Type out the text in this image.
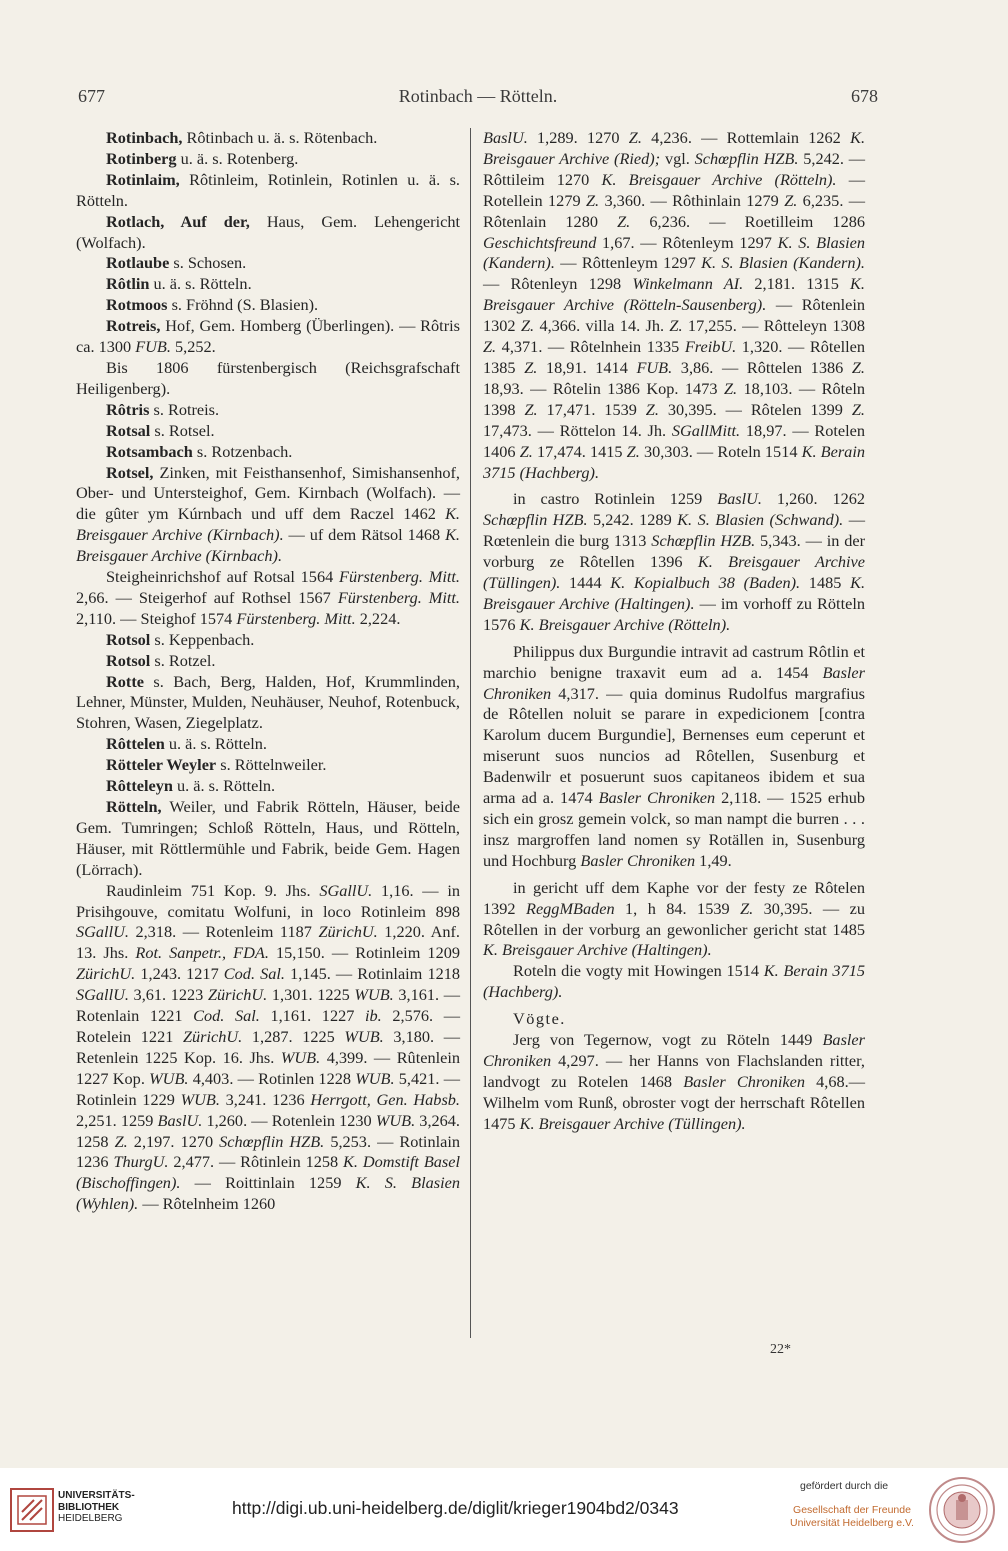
677	Rotinbach — Rötteln.	678

Rotinbach, Rôtinbach u. ä. s. Rötenbach.

Rotinberg u. ä. s. Rotenberg.

Rotinlaim, Rôtinleim, Rotinlein, Rotinlen u. ä. s. Rötteln.

Rotlach, Auf der, Haus, Gem. Lehengericht (Wolfach).

Rotlaube s. Schosen.

Rôtlin u. ä. s. Rötteln.

Rotmoos s. Fröhnd (S. Blasien).

Rotreis, Hof, Gem. Homberg (Überlingen). — Rôtris ca. 1300 FUB. 5,252.

Bis 1806 fürstenbergisch (Reichsgrafschaft Heiligenberg).

Rôtris s. Rotreis.

Rotsal s. Rotsel.

Rotsambach s. Rotzenbach.

Rotsel, Zinken, mit Feisthansenhof, Simishansenhof, Ober- und Untersteighof, Gem. Kirnbach (Wolfach). — die gûter ym Kúrnbach und uff dem Raczel 1462 K. Breisgauer Archive (Kirnbach). — uf dem Rätsol 1468 K. Breisgauer Archive (Kirnbach).

Steigheinrichshof auf Rotsal 1564 Fürstenberg. Mitt. 2,66. — Steigerhof auf Rothsel 1567 Fürstenberg. Mitt. 2,110. — Steighof 1574 Fürstenberg. Mitt. 2,224.

Rotsol s. Keppenbach.

Rotsol s. Rotzel.

Rotte s. Bach, Berg, Halden, Hof, Krummlinden, Lehner, Münster, Mulden, Neuhäuser, Neuhof, Rotenbuck, Stohren, Wasen, Ziegelplatz.

Rôttelen u. ä. s. Rötteln.

Rötteler Weyler s. Röttelnweiler.

Rôtteleyn u. ä. s. Rötteln.

Rötteln, Weiler, und Fabrik Rötteln, Häuser, beide Gem. Tumringen; Schloß Rötteln, Haus, und Rötteln, Häuser, mit Röttlermühle und Fabrik, beide Gem. Hagen (Lörrach).

Raudinleim 751 Kop. 9. Jhs. SGallU. 1,16. — in Prisihgouve, comitatu Wolfuni, in loco Rotinleim 898 SGallU. 2,318. — Rotenleim 1187 ZürichU. 1,220. Anf. 13. Jhs. Rot. Sanpetr., FDA. 15,150. — Rotinleim 1209 ZürichU. 1,243. 1217 Cod. Sal. 1,145. — Rotinlaim 1218 SGallU. 3,61. 1223 ZürichU. 1,301. 1225 WUB. 3,161. — Rotenlain 1221 Cod. Sal. 1,161. 1227 ib. 2,576. — Rotelein 1221 ZürichU. 1,287. 1225 WUB. 3,180. — Retenlein 1225 Kop. 16. Jhs. WUB. 4,399. — Rûtenlein 1227 Kop. WUB. 4,403. — Rotinlen 1228 WUB. 5,421. — Rotinlein 1229 WUB. 3,241. 1236 Herrgott, Gen. Habsb. 2,251. 1259 BaslU. 1,260. — Rotenlein 1230 WUB. 3,264. 1258 Z. 2,197. 1270 Schœpflin HZB. 5,253. — Rotinlain 1236 ThurgU. 2,477. — Rôtinlein 1258 K. Domstift Basel (Bischoffingen). — Roittinlain 1259 K. S. Blasien (Wyhlen). — Rôtelnheim 1260

BaslU. 1,289. 1270 Z. 4,236. — Rottemlain 1262 K. Breisgauer Archive (Ried); vgl. Schœpflin HZB. 5,242. — Rôttileim 1270 K. Breisgauer Archive (Rötteln). — Rotellein 1279 Z. 3,360. — Rôthinlain 1279 Z. 6,235. — Rôtenlain 1280 Z. 6,236. — Roetilleim 1286 Geschichtsfreund 1,67. — Rôtenleym 1297 K. S. Blasien (Kandern). — Rôttenleym 1297 K. S. Blasien (Kandern). — Rôtenleyn 1298 Winkelmann AI. 2,181. 1315 K. Breisgauer Archive (Rötteln-Sausenberg). — Rôtenlein 1302 Z. 4,366. villa 14. Jh. Z. 17,255. — Rôtteleyn 1308 Z. 4,371. — Rôtelnhein 1335 FreibU. 1,320. — Rôtellen 1385 Z. 18,91. 1414 FUB. 3,86. — Rôttelen 1386 Z. 18,93. — Rôtelin 1386 Kop. 1473 Z. 18,103. — Rôteln 1398 Z. 17,471. 1539 Z. 30,395. — Rôtelen 1399 Z. 17,473. — Röttelon 14. Jh. SGallMitt. 18,97. — Rotelen 1406 Z. 17,474. 1415 Z. 30,303. — Roteln 1514 K. Berain 3715 (Hachberg).

in castro Rotinlein 1259 BaslU. 1,260. 1262 Schœpflin HZB. 5,242. 1289 K. S. Blasien (Schwand). — Rœtenlein die burg 1313 Schœpflin HZB. 5,343. — in der vorburg ze Rôtellen 1396 K. Breisgauer Archive (Tüllingen). 1444 K. Kopialbuch 38 (Baden). 1485 K. Breisgauer Archive (Haltingen). — im vorhoff zu Rötteln 1576 K. Breisgauer Archive (Rötteln).

Philippus dux Burgundie intravit ad castrum Rôtlin et marchio benigne traxavit eum ad a. 1454 Basler Chroniken 4,317. — quia dominus Rudolfus margrafius de Rôtellen noluit se parare in expedicionem [contra Karolum ducem Burgundie], Bernenses eum ceperunt et miserunt suos nuncios ad Rôtellen, Susenburg et Badenwilr et posuerunt suos capitaneos ibidem et sua arma ad a. 1474 Basler Chroniken 2,118. — 1525 erhub sich ein grosz gemein volck, so man nampt die burren . . . insz margroffen land nomen sy Rotällen in, Susenburg und Hochburg Basler Chroniken 1,49.

in gericht uff dem Kaphe vor der festy ze Rôtelen 1392 ReggMBaden 1, h 84. 1539 Z. 30,395. — zu Rôtellen in der vorburg an gewonlicher gericht stat 1485 K. Breisgauer Archive (Haltingen).

Roteln die vogty mit Howingen 1514 K. Berain 3715 (Hachberg).

Vögte.

Jerg von Tegernow, vogt zu Röteln 1449 Basler Chroniken 4,297. — her Hanns von Flachslanden ritter, landvogt zu Rotelen 1468 Basler Chroniken 4,68.— Wilhelm vom Runß, obroster vogt der herrschaft Rôtellen 1475 K. Breisgauer Archive (Tüllingen).

22*
UNIVERSITÄTS-
BIBLIOTHEK
HEIDELBERG
http://digi.ub.uni-heidelberg.de/diglit/krieger1904bd2/0343
gefördert durch die
Gesellschaft der Freunde
Universität Heidelberg e.V.
